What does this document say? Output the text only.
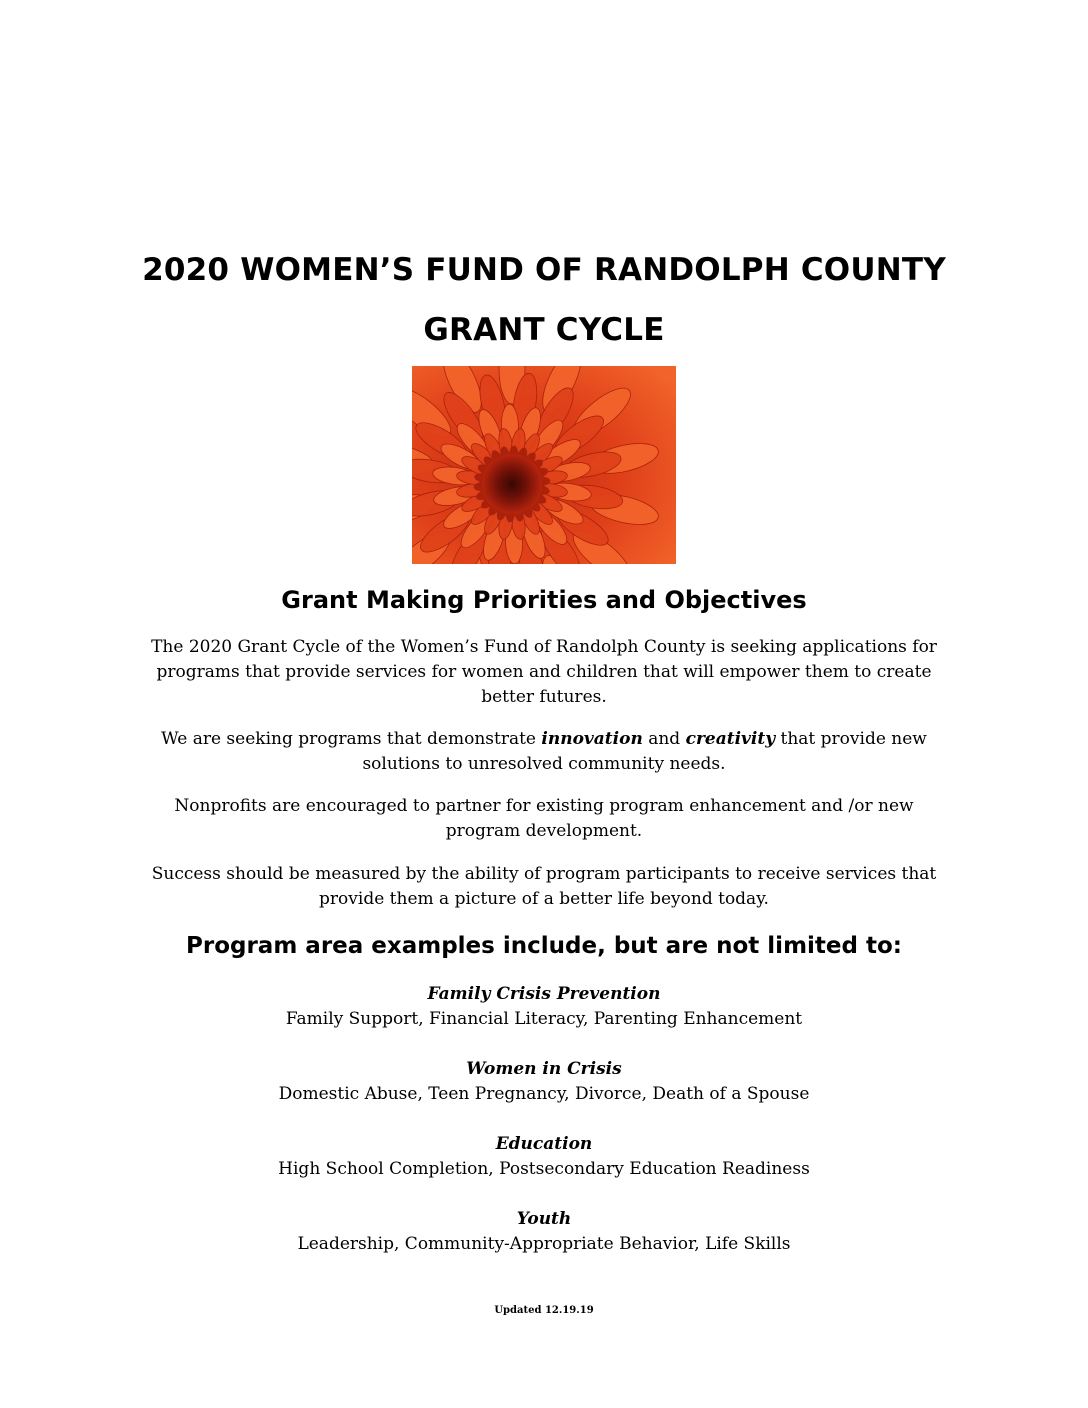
2020 WOMEN’S FUND OF RANDOLPH COUNTY
GRANT CYCLE
Grant Making Priorities and Objectives
The 2020 Grant Cycle of the Women’s Fund of Randolph County is seeking applications for programs that provide services for women and children that will empower them to create better futures.
We are seeking programs that demonstrate innovation and creativity that provide new solutions to unresolved community needs.
Nonprofits are encouraged to partner for existing program enhancement and /or new program development.
Success should be measured by the ability of program participants to receive services that provide them a picture of a better life beyond today.
Program area examples include, but are not limited to:
Family Crisis Prevention
Family Support, Financial Literacy, Parenting Enhancement
Women in Crisis
Domestic Abuse, Teen Pregnancy, Divorce, Death of a Spouse
Education
High School Completion, Postsecondary Education Readiness
Youth
Leadership, Community-Appropriate Behavior, Life Skills
Updated 12.19.19
